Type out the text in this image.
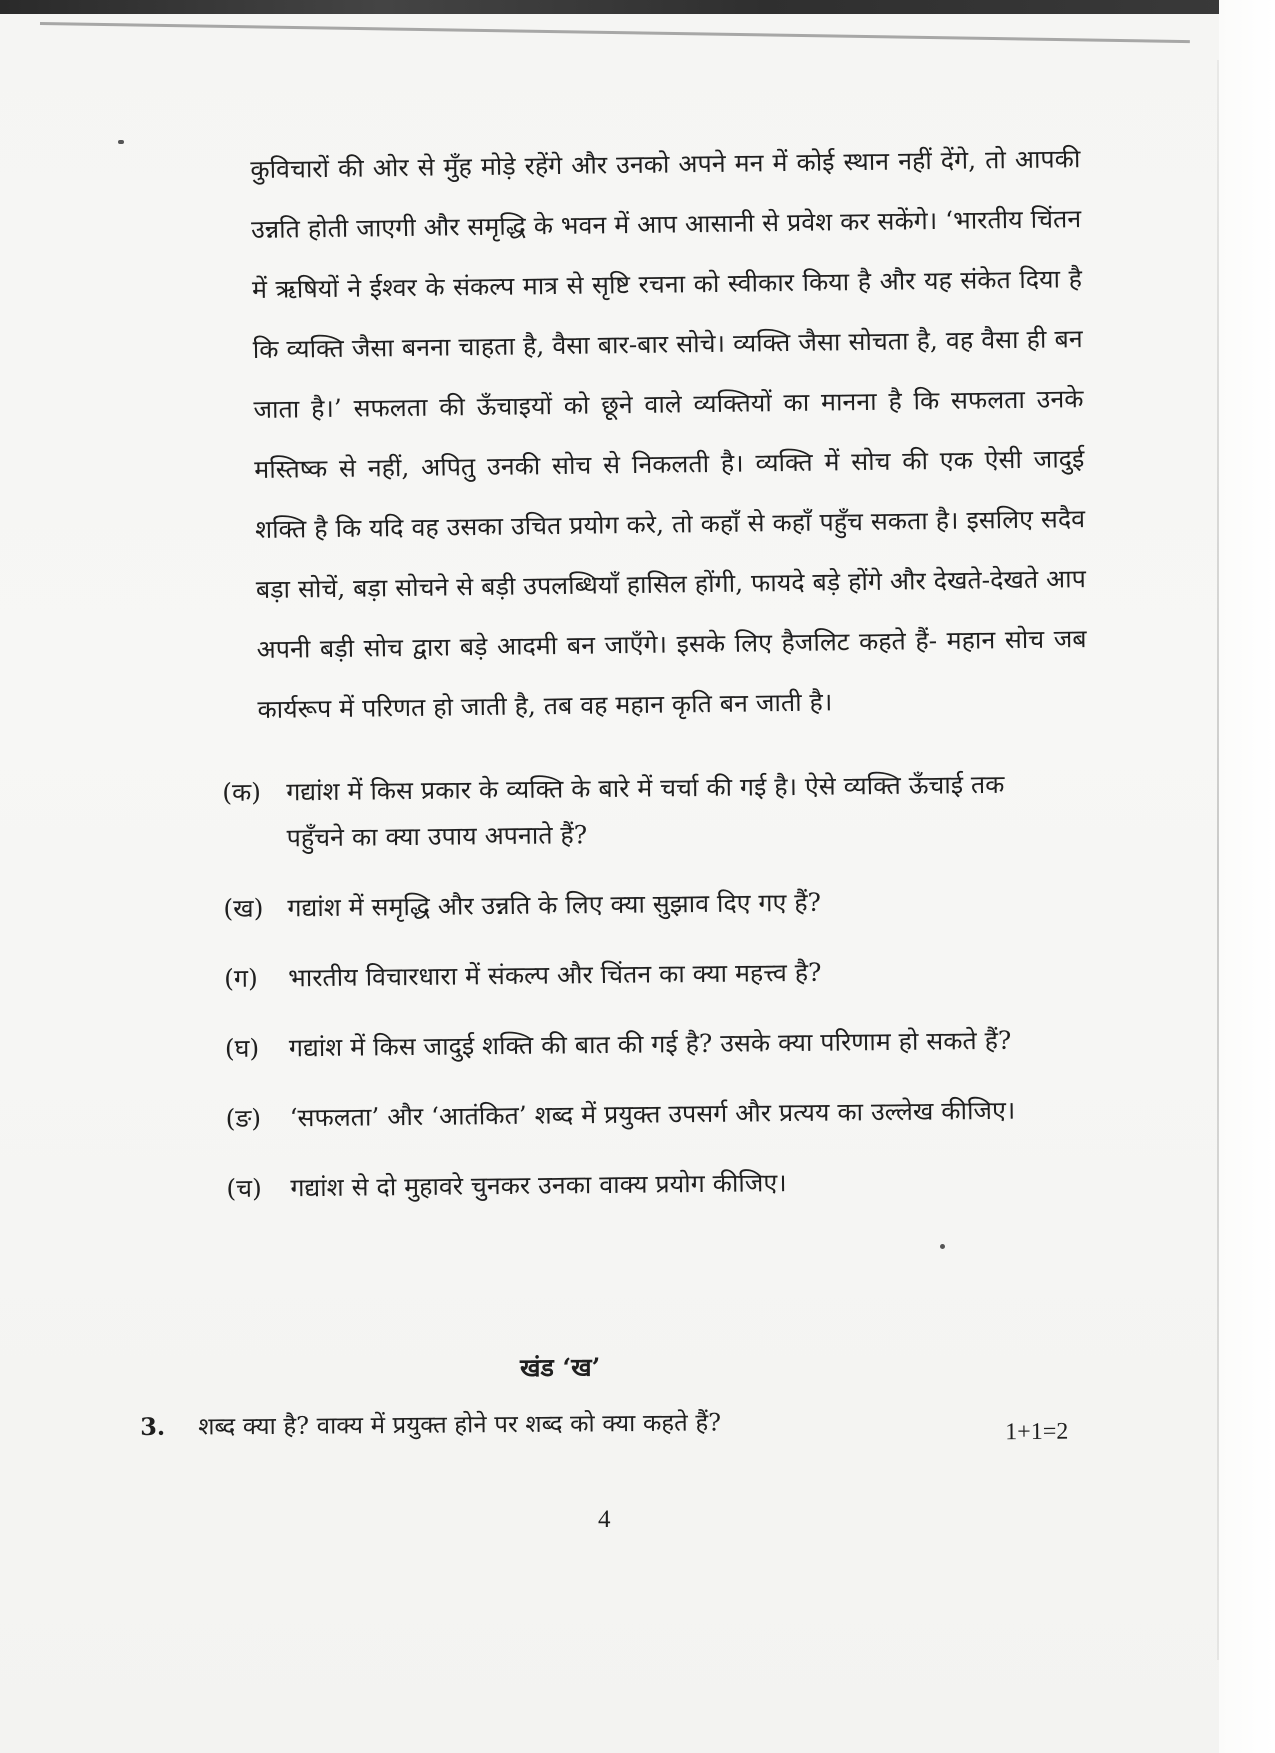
कुविचारों की ओर से मुँह मोड़े रहेंगे और उनको अपने मन में कोई स्थान नहीं देंगे, तो आपकी उन्नति होती जाएगी और समृद्धि के भवन में आप आसानी से प्रवेश कर सकेंगे। ‘भारतीय चिंतन में ऋषियों ने ईश्वर के संकल्प मात्र से सृष्टि रचना को स्वीकार किया है और यह संकेत दिया है कि व्यक्ति जैसा बनना चाहता है, वैसा बार-बार सोचे। व्यक्ति जैसा सोचता है, वह वैसा ही बन जाता है।’ सफलता की ऊँचाइयों को छूने वाले व्यक्तियों का मानना है कि सफलता उनके मस्तिष्क से नहीं, अपितु उनकी सोच से निकलती है। व्यक्ति में सोच की एक ऐसी जादुई शक्ति है कि यदि वह उसका उचित प्रयोग करे, तो कहाँ से कहाँ पहुँच सकता है। इसलिए सदैव बड़ा सोचें, बड़ा सोचने से बड़ी उपलब्धियाँ हासिल होंगी, फायदे बड़े होंगे और देखते-देखते आप अपनी बड़ी सोच द्वारा बड़े आदमी बन जाएँगे। इसके लिए हैजलिट कहते हैं- महान सोच जब कार्यरूप में परिणत हो जाती है, तब वह महान कृति बन जाती है।
(क) गद्यांश में किस प्रकार के व्यक्ति के बारे में चर्चा की गई है। ऐसे व्यक्ति ऊँचाई तक पहुँचने का क्या उपाय अपनाते हैं?
(ख) गद्यांश में समृद्धि और उन्नति के लिए क्या सुझाव दिए गए हैं?
(ग) भारतीय विचारधारा में संकल्प और चिंतन का क्या महत्त्व है?
(घ) गद्यांश में किस जादुई शक्ति की बात की गई है? उसके क्या परिणाम हो सकते हैं?
(ङ) ‘सफलता’ और ‘आतंकित’ शब्द में प्रयुक्त उपसर्ग और प्रत्यय का उल्लेख कीजिए।
(च) गद्यांश से दो मुहावरे चुनकर उनका वाक्य प्रयोग कीजिए।
खंड ‘ख’
3. शब्द क्या है? वाक्य में प्रयुक्त होने पर शब्द को क्या कहते हैं?	1+1=2
4
